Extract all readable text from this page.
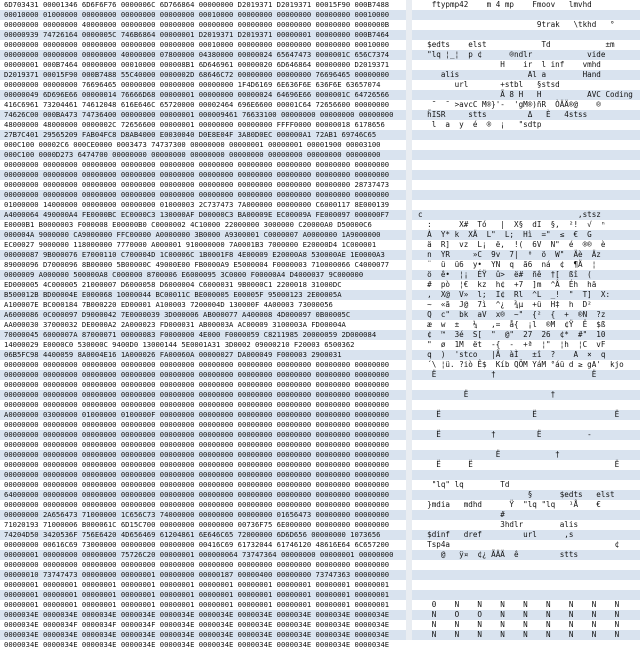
6D703431 00001346 6D6F6F76 0000006C 6D766864 00000000 D2019371 D2019371 00015F90 000B7488
00010000 01000000 00000000 00000000 00000000 00010000 00000000 00000000 00000000 00010000
00000000 00000000 40000000 00000000 00000000 00000000 00000000 00000000 00000000 0000000B
00000939 74726164 0000005C 746B6864 00000001 D2019371 D2019371 00000001 00000000 000B7464
00000000 00000000 00000000 00000000 00000000 00010000 00000000 00000000 00000000 00010000
00000000 00000000 00000000 40000000 07800000 04380000 00000024 65647473 0000001C 656C7374
00000001 000B7464 00000000 00010000 000008B1 6D646961 00000020 6D646864 00000000 D2019371
D2019371 00015F90 000B7488 55C40000 0000002D 68646C72 00000000 00000000 76696465 00000000
00000000 00000000 76696465 00000000 00000000 00000000 1F4D6169 6E636F6E 636F6E 63657074
00000049 6D696E66 00000014 76666D68 00000001 00000000 00000024 64696E66 0000001C 64726566
416C6961 73204461 74612048 616E646C 65720000 00002464 696E6600 00001C64 72656600 00000000
74626C00 000BA473 74736400 00000000 00000001 000009461 76633100 00000000 00000000 00000000
48000000 48000000 0000002C 72656600 00000001 00000000 00000000 FFFF0000 00000018 6178656
27B7C401 29565209 FAB04FC8 D8AB4000 E0030040 D0E8E04F 3A80D0EC 000000A1 72AB1 69746C65
000C100 00002C6 000CE0000 0003473 74737300 00000000 00000001 00000001 00001900 00003100
000C100 0000D273 6474700 00000000 00000000 00000000 00000000 00000000 00000000 00000000
00000000 00000000 00000000 00000000 00000000 00000000 00000000 00000000 00000000 00000000
00000000 00000000 00000000 00000000 00000000 00000000 00000000 00000000 00000000 00000000
00000000 00000000 00000000 00000000 00000000 00000000 00000000 00000000 00000000 28737473
00000000 00000000 00000000 00000000 00000000 00000000 00000000 00000000 00000000 00000000
01000000 14000000 00000000 00000000 01000003 2C737473 7A000000 00000000 C6000117 8E000139
A4000064 490000A4 FE0000BC EC0000C3 130000AF D00000C3 BA00009E EC00009A FE000097 000000F7
E0000B1 B0000003 F000008 E00000B0 C0000002 4C10000 22000000 3000000 C20000A0 D50000C6
000004A 9000000 CA9000000 FFC00000 A0000000 3B0000 A9300001 C0000007 A0000000 1A9000000
EC00027 9000000 118000000 7770000 A000001 910000000 7A0001B3 7000000 E20000D4 1C000001
00000087 9B000076 E7000110 C700004D 1C00006C 1B0001F8 4E00009 E20000A8 530000AE 1E0000A3
89000096 D7000096 8B00000 5B00000C 49000E00 FB0000A9 E5000004 F0000003 710000066 C4000077
0000009 A000000 500000A8 C000000 8700006 E6000095 3C0000 F00000A4 D4000037 9C000000
ED000005 4C000005 21000007 D6000058 D6000004 C6000031 9B0000C1 2200018 31000DC
B500012B BD00004E E000068 10000044 BC00011C BE000005 E00005F 95000123 2E00005A
A100007E BC000184 7B000220 ED00001 A100003 7200004D 130000F 4A00003 73000056
A6000086 0C000097 D9000042 7E0000039 3D000006 AB000077 A400008 4D000097 0B00005C
AA000030 37000032 DE0000A2 2A000023 FD000031 AB00003A AC00009 3100003A FD00004A
70000045 6000007A 87000071 00000083 F0000000 4E000 F0000059 C8211985 20000059 2D000084
14000029 E0000C0 530000C 9400D0 13000144 5E0001A31 3D0002 09000210 F20003 6500362
06B5FC98 4400059 8A0004E16 1A000026 FA00060A 00000027 DA000049 F000003 2900031
00000000 00000000 00000000 00000000 00000000 00000000 00000000 00000000 00000000 00000000
00000000 00000000 00000000 00000000 00000000 00000000 00000000 00000000 00000000 00000000
00000000 00000000 00000000 00000000 00000000 00000000 00000000 00000000 00000000 00000000
00000000 00000000 00000000 00000000 00000000 00000000 00000000 00000000 00000000 00000000
00000000 00000000 00000000 00000000 00000000 00000000 00000000 00000000 00000000 00000000
A0000000 03000000 01000000 0100000F 00000000 00000000 00000000 00000000 00000000 00000000
00000000 00000000 00000000 00000000 00000000 00000000 00000000 00000000 00000000 00000000
00000000 00000000 00000000 00000000 00000000 00000000 00000000 00000000 00000000 00000000
00000000 00000000 00000000 00000000 00000000 00000000 00000000 00000000 00000000 00000000
00000000 00000000 00000000 00000000 00000000 00000000 00000000 00000000 00000000 00000000
00000000 00000000 00000000 00000000 00000000 00000000 00000000 00000000 00000000 00000000
00000000 00000000 00000000 00000000 00000000 00000000 00000000 00000000 00000000 00000000
00000000 00000000 00000000 00000000 00000000 00000000 00000000 00000000 00000000 00000000
64000000 00000000 00000000 00000000 00000000 00000000 00000000 00000000 00000000 00000000
00000000 00000000 00000000 00000000 00000000 00000000 00000000 00000000 00000000 00000000
00000000 2A656473 71000000 1C656C73 74000000 00000000 00000000 01656473 00000000 00000000
71020193 71000006 B000061C 6D15C700 00000000 00000000 00736F75 6E000000 00000000 00000000
74204D50 3420536F 756E6420 4D656469 61204861 6E646C65 72000000 6D6D656 00000000 1073656
00000000 00616C69 73000000 00000000 00000000 00416C69 61732044 61746120 48616E64 6C657200
00000001 00000000 00000000 75726C20 00000001 000000064 73747364 00000000 00000001 00000000
00000000 00000000 00000000 00000000 00000000 00000000 00000000 00000000 00000000 00000000
00000010 73747473 00000000 00000001 00000000 00000187 00000400 00000000 73747363 00000000
00000001 00000001 00000001 00000001 00000001 00000001 00000001 00000001 00000001 00000001
00000001 00000001 00000001 00000001 00000001 00000001 00000001 00000001 00000001 00000001
00000001 00000001 00000001 00000001 00000001 00000001 00000001 00000001 00000001 00000001
0000034E 0000034E 0000034E 0000034E 0000034E 0000034E 0000034E 0000034E 0000034E 0000034E
0000034E 0000034F 0000034F 0000034F 0000034E 0000034E 0000034E 0000034E 0000034E 0000034E
0000034E 0000034E 0000034E 0000034E 0000034E 0000034E 0000034E 0000034E 0000034E 0000034E
0000034E 0000034E 0000034E 0000034E 0000034E 0000034E 0000034E 0000034E 0000034E 0000034E
ftypmp42    m 4 mp    Fmoov   lmvhd
9trak   \tkhd   °
$edts    elst            Td            ±m
"lq ¦_¦  p ¢      ®ndlr            vide
H    ir  l inf    vmhd
alis               Al a        Hand
url       +stbl   §stsd
Ã 8 H   H          AVC Coding
˜  ¯ >avcC M®}'-  'gM®)ñR  ÒÄÄ®@    ®
h̃ISR     stts         Δ   È   4stss
l  a  y  é  ®  ¡   "sdtp
c                                  ,stsz
:      X#  Tó   |  X§  dI  §,  ²!  √  ⁿ
À  Y* k  XÄ  L"  L;  Hì  ="  ≤  €  G
ä  R]  vz  L¡  ë,  !(  6V  N"  é  ®®  è
n  YR     »C  9v  7|  ⁰  ö  W"  Äè  Äz
¨  ü  ü6  y•  YN  q  ã6  ná  ¢  ¶Ä  ¦
ö  ê•  ¦¡  ÉŸ  û>  ë#  ñê  †[  ßî  (
#  pò  ¦€  kz  h¢  +7  ]m  ^Â  Éh  hä
,  X@  V»  l;  I¢  Rl  ^L  _!  "  T]  X:
~  «ã  J@  7ì  ^¿  ¾µ  +ü  H‡  h  D²
Q  c"  bk  aV  x®  ~"  {²  {  +  ®N  ?z
æ  w  ±   ¼   ,=  å{  ¡l  ®M  ¢Ÿ  Ê  $ß
¢  ™  3é  S[  "  @"  27  26  ¢*  #"  10
"  ø  1M  ët  -{  -  +ª  ¦"  ¦h  ¦C  vF
q  )  'stco   |Ã  àÌ   ±î  ?    A  ×  q
´\ ¦ü. ?iò Ê$  Kíb QÖM YáM °áü d ≥ gA'  kjo
Ë            †                     Ë
Ë                  †
Ë                    Ë                 Ë
Ë           †         Ë          -
Ë            †
Ë      Ë                               Ë
"lq" lq        Td
§      $edts   elst
}mdia   mdhd      Ÿ  "lq "lq   ¹Å    €
#
3hdlr        alis
$dinf   dref         url      ,s
Tsp4a                                    ¢
@   ÿ¤  ¢¿ ÃÄÄ  ê         stts
0    N    N    N    N    N    N    N    N
N    O    O    N    N    N    N    N    N
N    N    N    N    N    N    N    N    N
N    N    N    N    N    N    N    N    N
